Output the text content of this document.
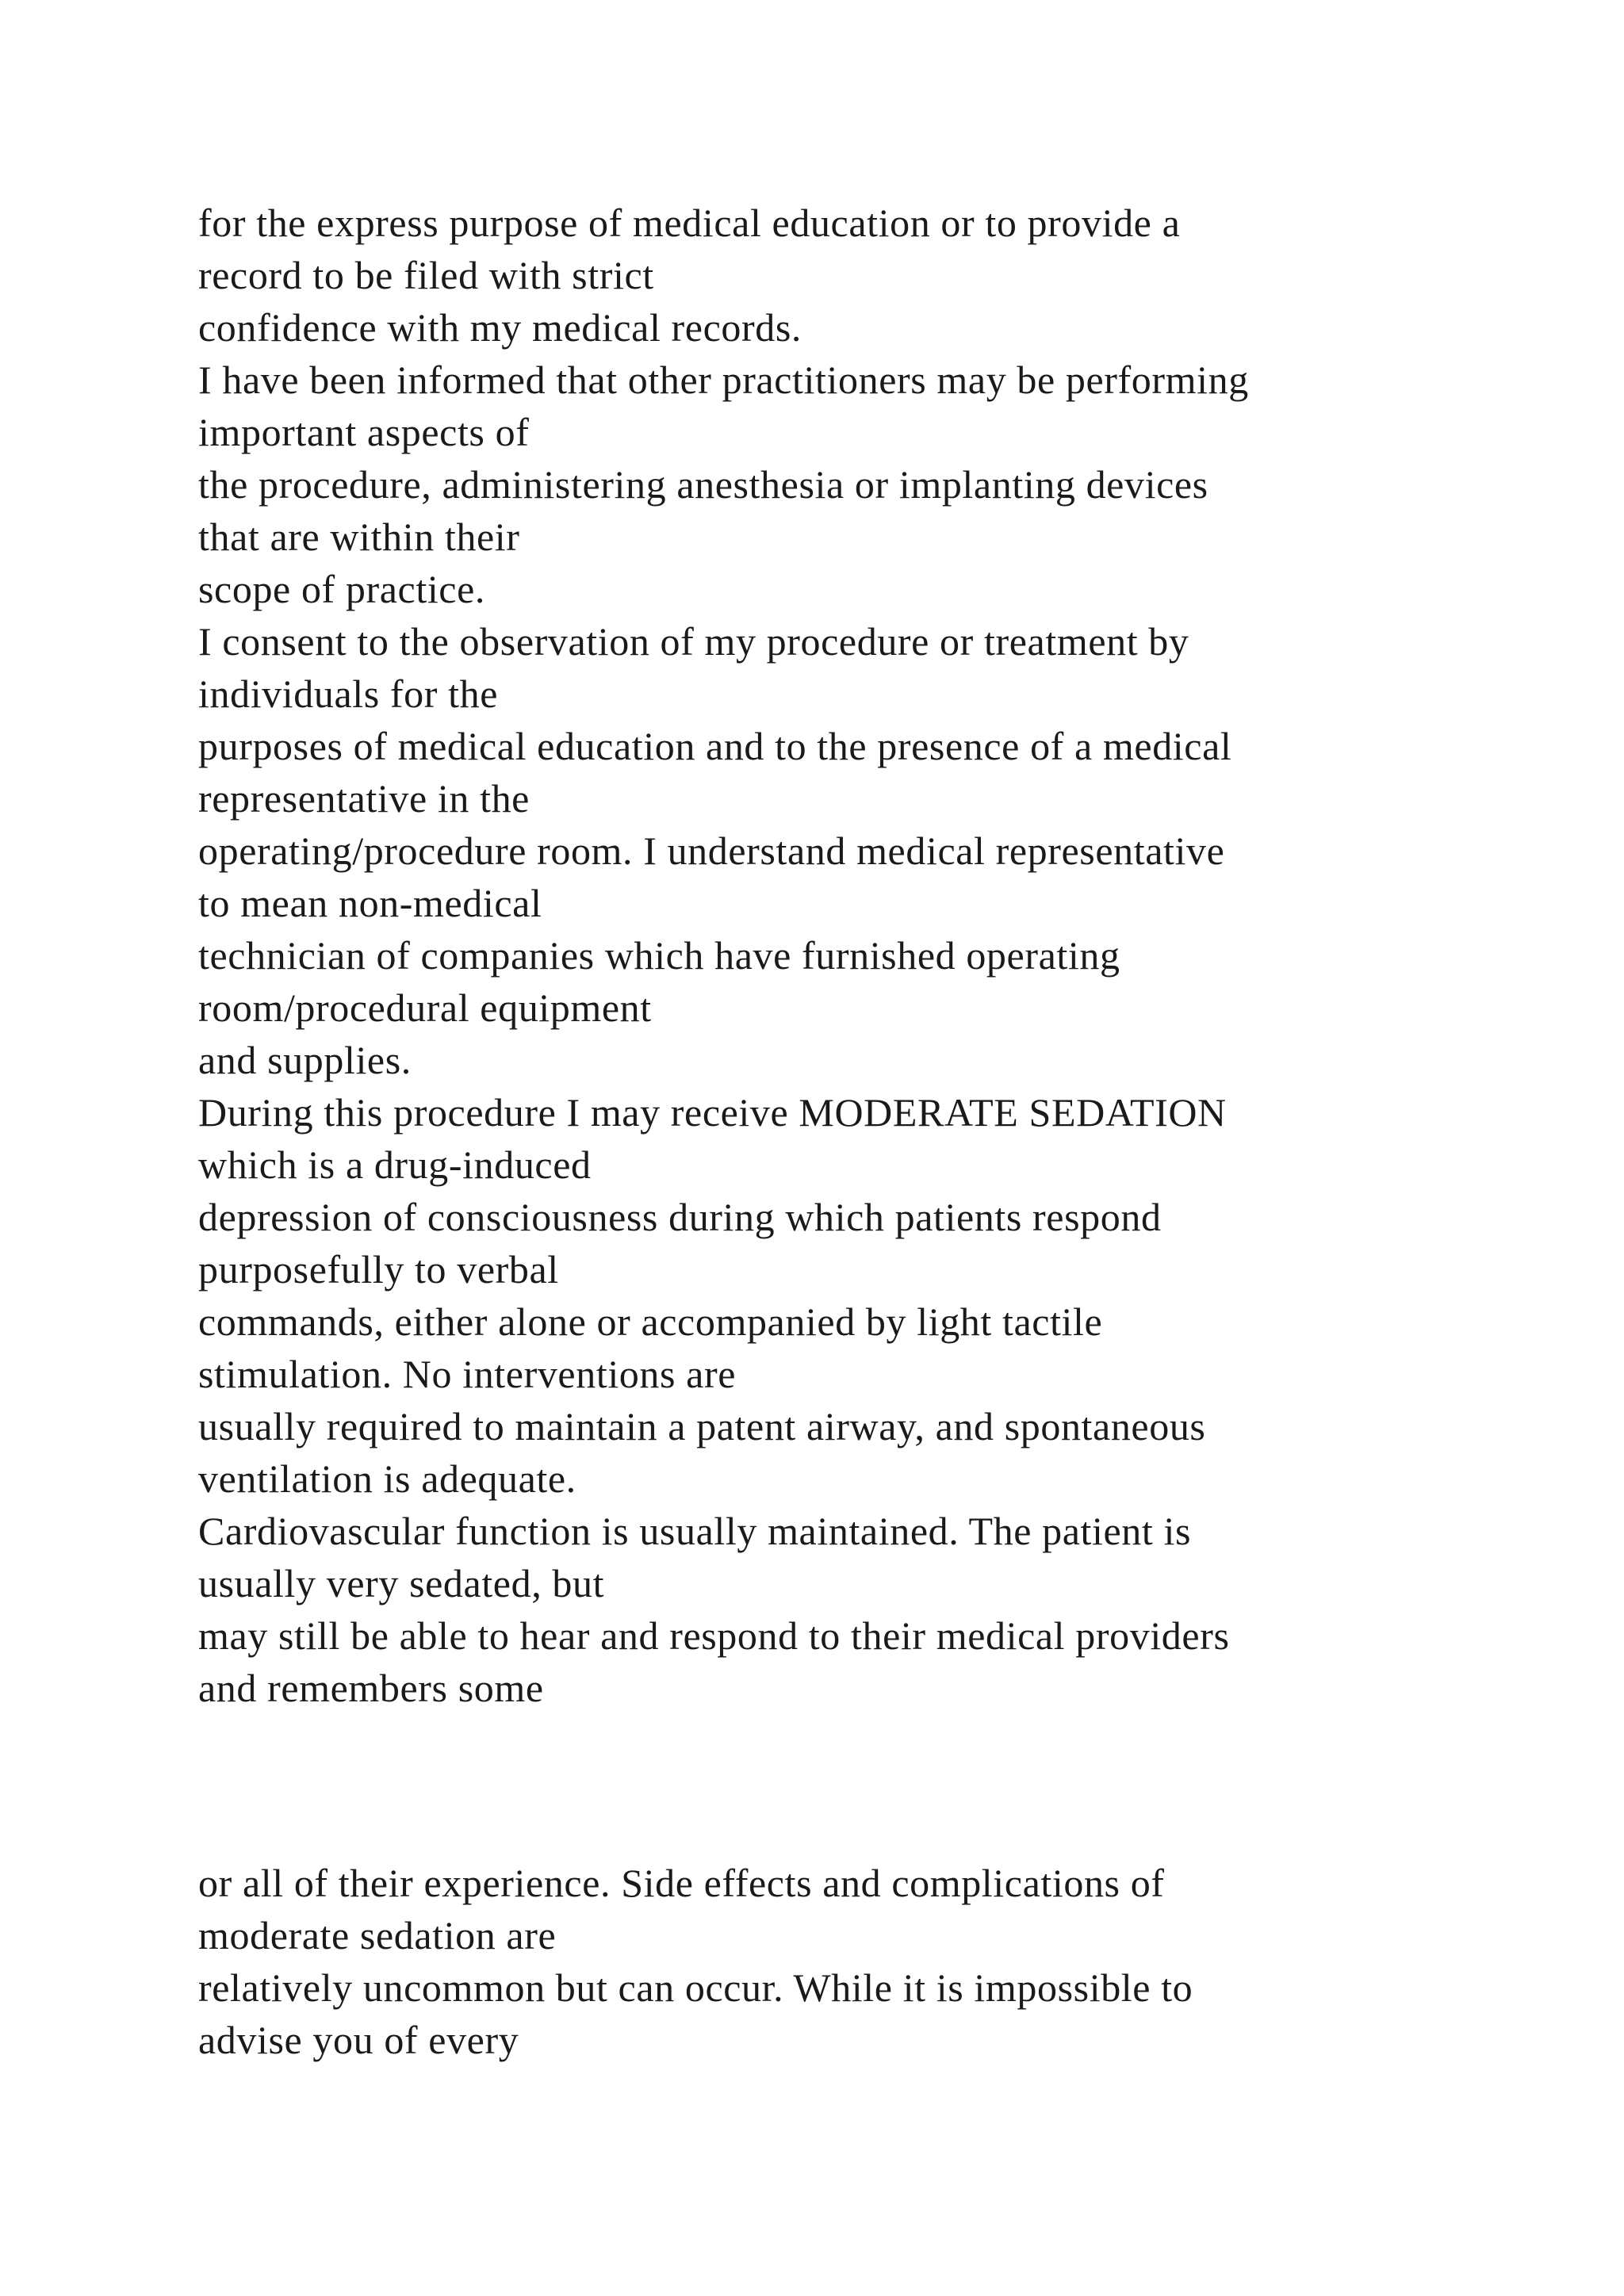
for the express purpose of medical education or to provide a
record to be filed with strict
confidence with my medical records.
I have been informed that other practitioners may be performing
important aspects of
the procedure, administering anesthesia or implanting devices
that are within their
scope of practice.
I consent to the observation of my procedure or treatment by
individuals for the
purposes of medical education and to the presence of a medical
representative in the
operating/procedure room. I understand medical representative
to mean non-medical
technician of companies which have furnished operating
room/procedural equipment
and supplies.
During this procedure I may receive MODERATE SEDATION
which is a drug-induced
depression of consciousness during which patients respond
purposefully to verbal
commands, either alone or accompanied by light tactile
stimulation. No interventions are
usually required to maintain a patent airway, and spontaneous
ventilation is adequate.
Cardiovascular function is usually maintained. The patient is
usually very sedated, but
may still be able to hear and respond to their medical providers
and remembers some
or all of their experience. Side effects and complications of
moderate sedation are
relatively uncommon but can occur. While it is impossible to
advise you of every
